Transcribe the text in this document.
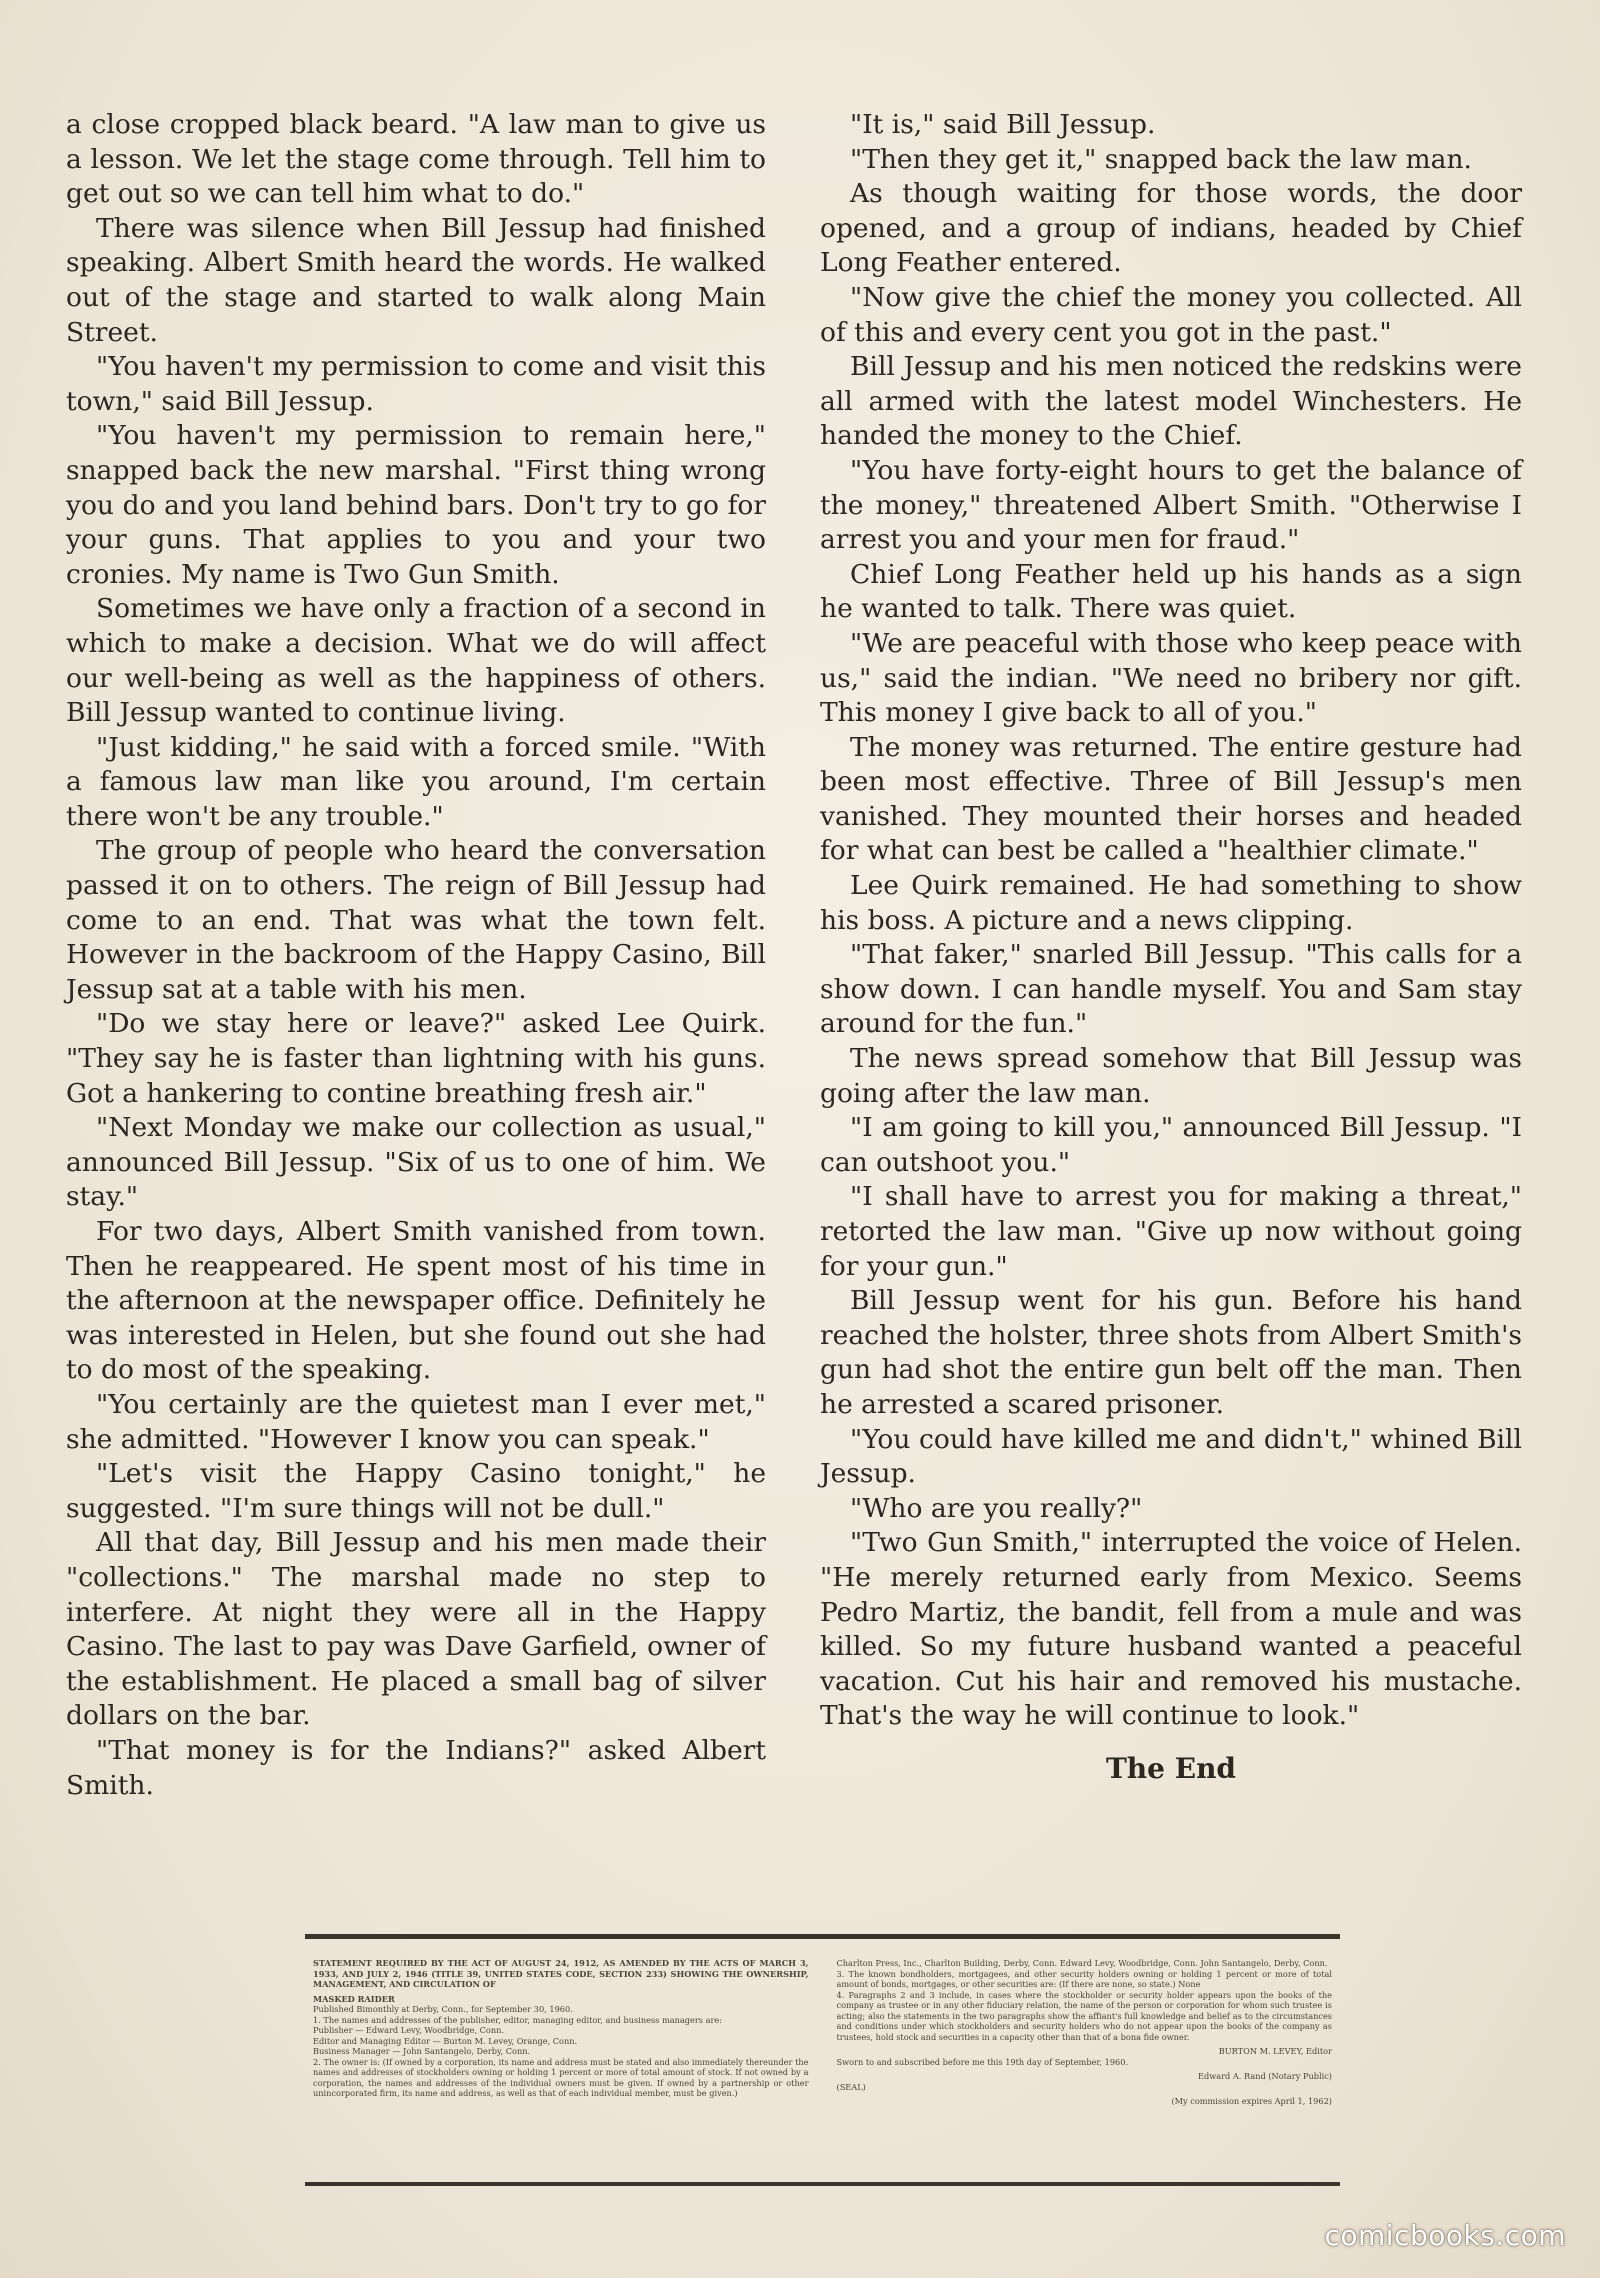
a close cropped black beard. "A law man to give us a lesson. We let the stage come through. Tell him to get out so we can tell him what to do."

There was silence when Bill Jessup had finished speaking. Albert Smith heard the words. He walked out of the stage and started to walk along Main Street.

"You haven't my permission to come and visit this town," said Bill Jessup.

"You haven't my permission to remain here," snapped back the new marshal. "First thing wrong you do and you land behind bars. Don't try to go for your guns. That applies to you and your two cronies. My name is Two Gun Smith.

Sometimes we have only a fraction of a second in which to make a decision. What we do will affect our well-being as well as the happiness of others. Bill Jessup wanted to continue living.

"Just kidding," he said with a forced smile. "With a famous law man like you around, I'm certain there won't be any trouble."

The group of people who heard the conversation passed it on to others. The reign of Bill Jessup had come to an end. That was what the town felt. However in the backroom of the Happy Casino, Bill Jessup sat at a table with his men.

"Do we stay here or leave?" asked Lee Quirk. "They say he is faster than lightning with his guns. Got a hankering to contine breathing fresh air."

"Next Monday we make our collection as usual," announced Bill Jessup. "Six of us to one of him. We stay."

For two days, Albert Smith vanished from town. Then he reappeared. He spent most of his time in the afternoon at the newspaper office. Definitely he was interested in Helen, but she found out she had to do most of the speaking.

"You certainly are the quietest man I ever met," she admitted. "However I know you can speak."

"Let's visit the Happy Casino tonight," he suggested. "I'm sure things will not be dull."

All that day, Bill Jessup and his men made their "collections." The marshal made no step to interfere. At night they were all in the Happy Casino. The last to pay was Dave Garfield, owner of the establishment. He placed a small bag of silver dollars on the bar.

"That money is for the Indians?" asked Albert Smith.

"It is," said Bill Jessup.

"Then they get it," snapped back the law man.

As though waiting for those words, the door opened, and a group of indians, headed by Chief Long Feather entered.

"Now give the chief the money you collected. All of this and every cent you got in the past."

Bill Jessup and his men noticed the redskins were all armed with the latest model Winchesters. He handed the money to the Chief.

"You have forty-eight hours to get the balance of the money," threatened Albert Smith. "Otherwise I arrest you and your men for fraud."

Chief Long Feather held up his hands as a sign he wanted to talk. There was quiet.

"We are peaceful with those who keep peace with us," said the indian. "We need no bribery nor gift. This money I give back to all of you."

The money was returned. The entire gesture had been most effective. Three of Bill Jessup's men vanished. They mounted their horses and headed for what can best be called a "healthier climate."

Lee Quirk remained. He had something to show his boss. A picture and a news clipping.

"That faker," snarled Bill Jessup. "This calls for a show down. I can handle myself. You and Sam stay around for the fun."

The news spread somehow that Bill Jessup was going after the law man.

"I am going to kill you," announced Bill Jessup. "I can outshoot you."

"I shall have to arrest you for making a threat," retorted the law man. "Give up now without going for your gun."

Bill Jessup went for his gun. Before his hand reached the holster, three shots from Albert Smith's gun had shot the entire gun belt off the man. Then he arrested a scared prisoner.

"You could have killed me and didn't," whined Bill Jessup.

"Who are you really?"

"Two Gun Smith," interrupted the voice of Helen. "He merely returned early from Mexico. Seems Pedro Martiz, the bandit, fell from a mule and was killed. So my future husband wanted a peaceful vacation. Cut his hair and removed his mustache. That's the way he will continue to look."

The End

STATEMENT REQUIRED BY THE ACT OF AUGUST 24, 1912, AS AMENDED BY THE ACTS OF MARCH 3, 1933, AND JULY 2, 1946 (TITLE 39, UNITED STATES CODE, SECTION 233) SHOWING THE OWNERSHIP, MANAGEMENT, AND CIRCULATION OF
MASKED RAIDER
Published Bimonthly at Derby, Conn., for September 30, 1960.
1. The names and addresses of the publisher, editor, managing editor, and business managers are:
Publisher — Edward Levy, Woodbridge, Conn.
Editor and Managing Editor — Burton M. Levey, Orange, Conn.
Business Manager — John Santangelo, Derby, Conn.
2. The owner is: (If owned by a corporation, its name and address must be stated and also immediately thereunder the names and addresses of stockholders owning or holding 1 percent or more of total amount of stock. If not owned by a corporation, the names and addresses of the individual owners must be given. If owned by a partnership or other unincorporated firm, its name and address, as well as that of each individual member, must be given.)
Charlton Press, Inc., Charlton Building, Derby, Conn. Edward Levy, Woodbridge, Conn. John Santangelo, Derby, Conn.
3. The known bondholders, mortgagees, and other security holders owning or holding 1 percent or more of total amount of bonds, mortgages, or other securities are: (If there are none, so state.) None
4. Paragraphs 2 and 3 include, in cases where the stockholder or security holder appears upon the books of the company as trustee or in any other fiduciary relation, the name of the person or corporation for whom such trustee is acting; also the statements in the two paragraphs show the affiant's full knowledge and belief as to the circumstances and conditions under which stockholders and security holders who do not appear upon the books of the company as trustees, hold stock and securities in a capacity other than that of a bona fide owner.
BURTON M. LEVEY, Editor
Sworn to and subscribed before me this 19th day of September, 1960.
Edward A. Rand (Notary Public)
(SEAL)
(My commission expires April 1, 1962)
comicbooks.com
